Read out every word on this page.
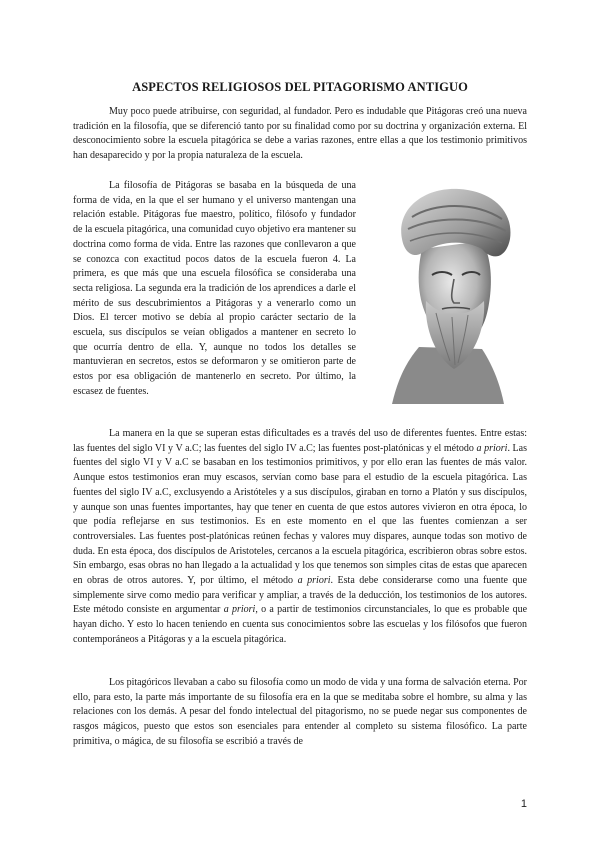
ASPECTOS RELIGIOSOS DEL PITAGORISMO ANTIGUO

Muy poco puede atribuirse, con seguridad, al fundador. Pero es indudable que Pitágoras creó una nueva tradición en la filosofía, que se diferenció tanto por su finalidad como por su doctrina y organización externa. El desconocimiento sobre la escuela pitagórica se debe a varias razones, entre ellas a que los testimonio primitivos han desaparecido y por la propia naturaleza de la escuela.

La filosofía de Pitágoras se basaba en la búsqueda de una forma de vida, en la que el ser humano y el universo mantengan una relación estable. Pitágoras fue maestro, político, filósofo y fundador de la escuela pitagórica, una comunidad cuyo objetivo era mantener su doctrina como forma de vida. Entre las razones que conllevaron a que se conozca con exactitud pocos datos de la escuela fueron 4. La primera, es que más que una escuela filosófica se consideraba una secta religiosa. La segunda era la tradición de los aprendices a darle el mérito de sus descubrimientos a Pitágoras y a venerarlo como un Dios. El tercer motivo se debía al propio carácter sectario de la escuela, sus discípulos se veían obligados a mantener en secreto lo que ocurría dentro de ella. Y, aunque no todos los detalles se mantuvieran en secretos, estos se deformaron y se omitieron parte de estos por esa obligación de mantenerlo en secreto. Por último, la escasez de fuentes.

La manera en la que se superan estas dificultades es a través del uso de diferentes fuentes. Entre estas: las fuentes del siglo VI y V a.C; las fuentes del siglo IV a.C; las fuentes post-platónicas y el método a priori. Las fuentes del siglo VI y V a.C se basaban en los testimonios primitivos, y por ello eran las fuentes de más valor. Aunque estos testimonios eran muy escasos, servían como base para el estudio de la escuela pitagórica. Las fuentes del siglo IV a.C, exclusyendo a Aristóteles y a sus discípulos, giraban en torno a Platón y sus discípulos, y aunque son unas fuentes importantes, hay que tener en cuenta de que estos autores vivieron en otra época, lo que podía reflejarse en sus testimonios. Es en este momento en el que las fuentes comienzan a ser controversiales. Las fuentes post-platónicas reúnen fechas y valores muy dispares, aunque todas son motivo de duda. En esta época, dos discípulos de Aristoteles, cercanos a la escuela pitagórica, escribieron obras sobre estos. Sin embargo, esas obras no han llegado a la actualidad y los que tenemos son simples citas de estas que aparecen en obras de otros autores. Y, por último, el método a priori. Esta debe considerarse como una fuente que simplemente sirve como medio para verificar y ampliar, a través de la deducción, los testimonios de los autores. Este método consiste en argumentar a priori, o a partir de testimonios circunstanciales, lo que es probable que hayan dicho. Y esto lo hacen teniendo en cuenta sus conocimientos sobre las escuelas y los filósofos que fueron contemporáneos a Pitágoras y a la escuela pitagórica.

Los pitagóricos llevaban a cabo su filosofía como un modo de vida y una forma de salvación eterna. Por ello, para esto, la parte más importante de su filosofía era en la que se meditaba sobre el hombre, su alma y las relaciones con los demás. A pesar del fondo intelectual del pitagorismo, no se puede negar sus componentes de rasgos mágicos, puesto que estos son esenciales para entender al completo su sistema filosófico. La parte primitiva, o mágica, de su filosofía se escribió a través de

1
